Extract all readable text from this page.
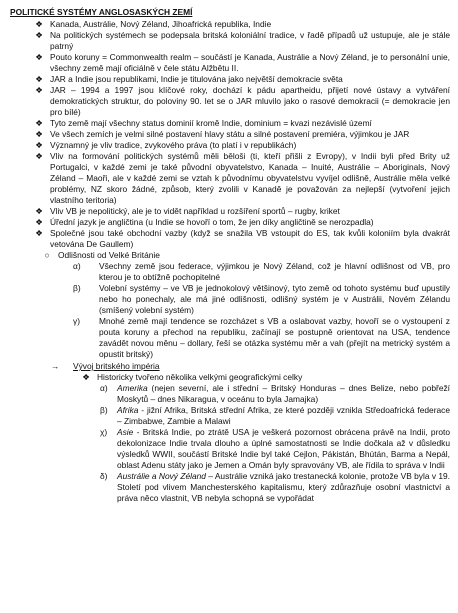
POLITICKÉ SYSTÉMY ANGLOSASKÝCH ZEMÍ
❖ Kanada, Austrálie, Nový Zéland, Jihoafrická republika, Indie
❖ Na politických systémech se podepsala britská koloniální tradice, v řadě případů už ustupuje, ale je stále patrný
❖ Pouto koruny = Commonwealth realm – součástí je Kanada, Austrálie a Nový Zéland, je to personální unie, všechny země mají oficiálně v čele státu Alžbětu II.
❖ JAR a Indie jsou republikami, Indie je titulována jako největší demokracie světa
❖ JAR – 1994 a 1997 jsou klíčové roky, dochází k pádu apartheidu, přijetí nové ústavy a vytváření demokratických struktur, do poloviny 90. let se o JAR mluvilo jako o rasové demokracii (= demokracie jen pro bílé)
❖ Tyto země mají všechny status dominií kromě Indie, dominium = kvazi nezávislé území
❖ Ve všech zemích je velmi silné postavení hlavy státu a silné postavení premiéra, výjimkou je JAR
❖ Významný je vliv tradice, zvykového práva (to platí i v republikách)
❖ Vliv na formování politických systémů měli běloši (ti, kteří přišli z Evropy), v Indii byli před Brity už Portugalci, v každé zemi je také původní obyvatelstvo, Kanada – Inuité, Austrálie – Aboriginals, Nový Zéland – Maoři, ale v každé zemi se vztah k původnímu obyvatelstvu vyvíjel odlišně, Austrálie měla velké problémy, NZ skoro žádné, způsob, který zvolili v Kanadě je považován za nejlepší (vytvoření jejich vlastního teritoria)
❖ Vliv VB je nepolitický, ale je to vidět například u rozšíření sportů – rugby, kriket
❖ Úřední jazyk je angličtina (u Indie se hovoří o tom, že jen díky angličtině se nerozpadla)
❖ Společné jsou také obchodní vazby (když se snažila VB vstoupit do ES, tak kvůli koloniím byla dvakrát vetována De Gaullem)
○ Odlišnosti od Velké Británie
α)	Všechny země jsou federace, výjimkou je Nový Zéland, což je hlavní odlišnost od VB, pro kterou je to obtížně pochopitelné
β)	Volební systémy – ve VB je jednokolový většinový, tyto země od tohoto systému buď upustily nebo ho ponechaly, ale má jiné odlišnosti, odlišný systém je v Austrálii, Novém Zélandu (smíšený volební systém)
γ)	Mnohé země mají tendence se rozcházet s VB a oslabovat vazby, hovoří se o vystoupení z pouta koruny a přechod na republiku, začínají se postupně orientovat na USA, tendence zavádět novou měnu – dollary, řeší se otázka systému měr a vah (přejít na metrický systém a opustit britský)
→	Vývoj britského impéria
❖ Historicky tvořeno několika velkými geografickými celky
α)	Amerika (nejen severní, ale i střední – Britský Honduras – dnes Belize, nebo pobřeží Moskytů – dnes Nikaragua, v oceánu to byla Jamajka)
β)	Afrika - jižní Afrika, Britská střední Afrika, ze které později vznikla Středoafrická federace – Zimbabwe, Zambie a Malawi
χ)	Asie - Britská Indie, po ztrátě USA je veškerá pozornost obrácena právě na Indii, proto dekolonizace Indie trvala dlouho a úplné samostatnosti se Indie dočkala až v důsledku výsledků WWII, součástí Britské Indie byl také Cejlon, Pákistán, Bhútán, Barma a Nepál, oblast Adenu státy jako je Jemen a Omán byly spravovány VB, ale řídila to správa v Indii
δ)	Austrálie a Nový Zéland – Austrálie vzniká jako trestanecká kolonie, protože VB byla v 19. Století pod vlivem Manchesterského kapitalismu, který zdůrazňuje osobní vlastnictví a práva něco vlastnit, VB nebyla schopná se vypořádat
